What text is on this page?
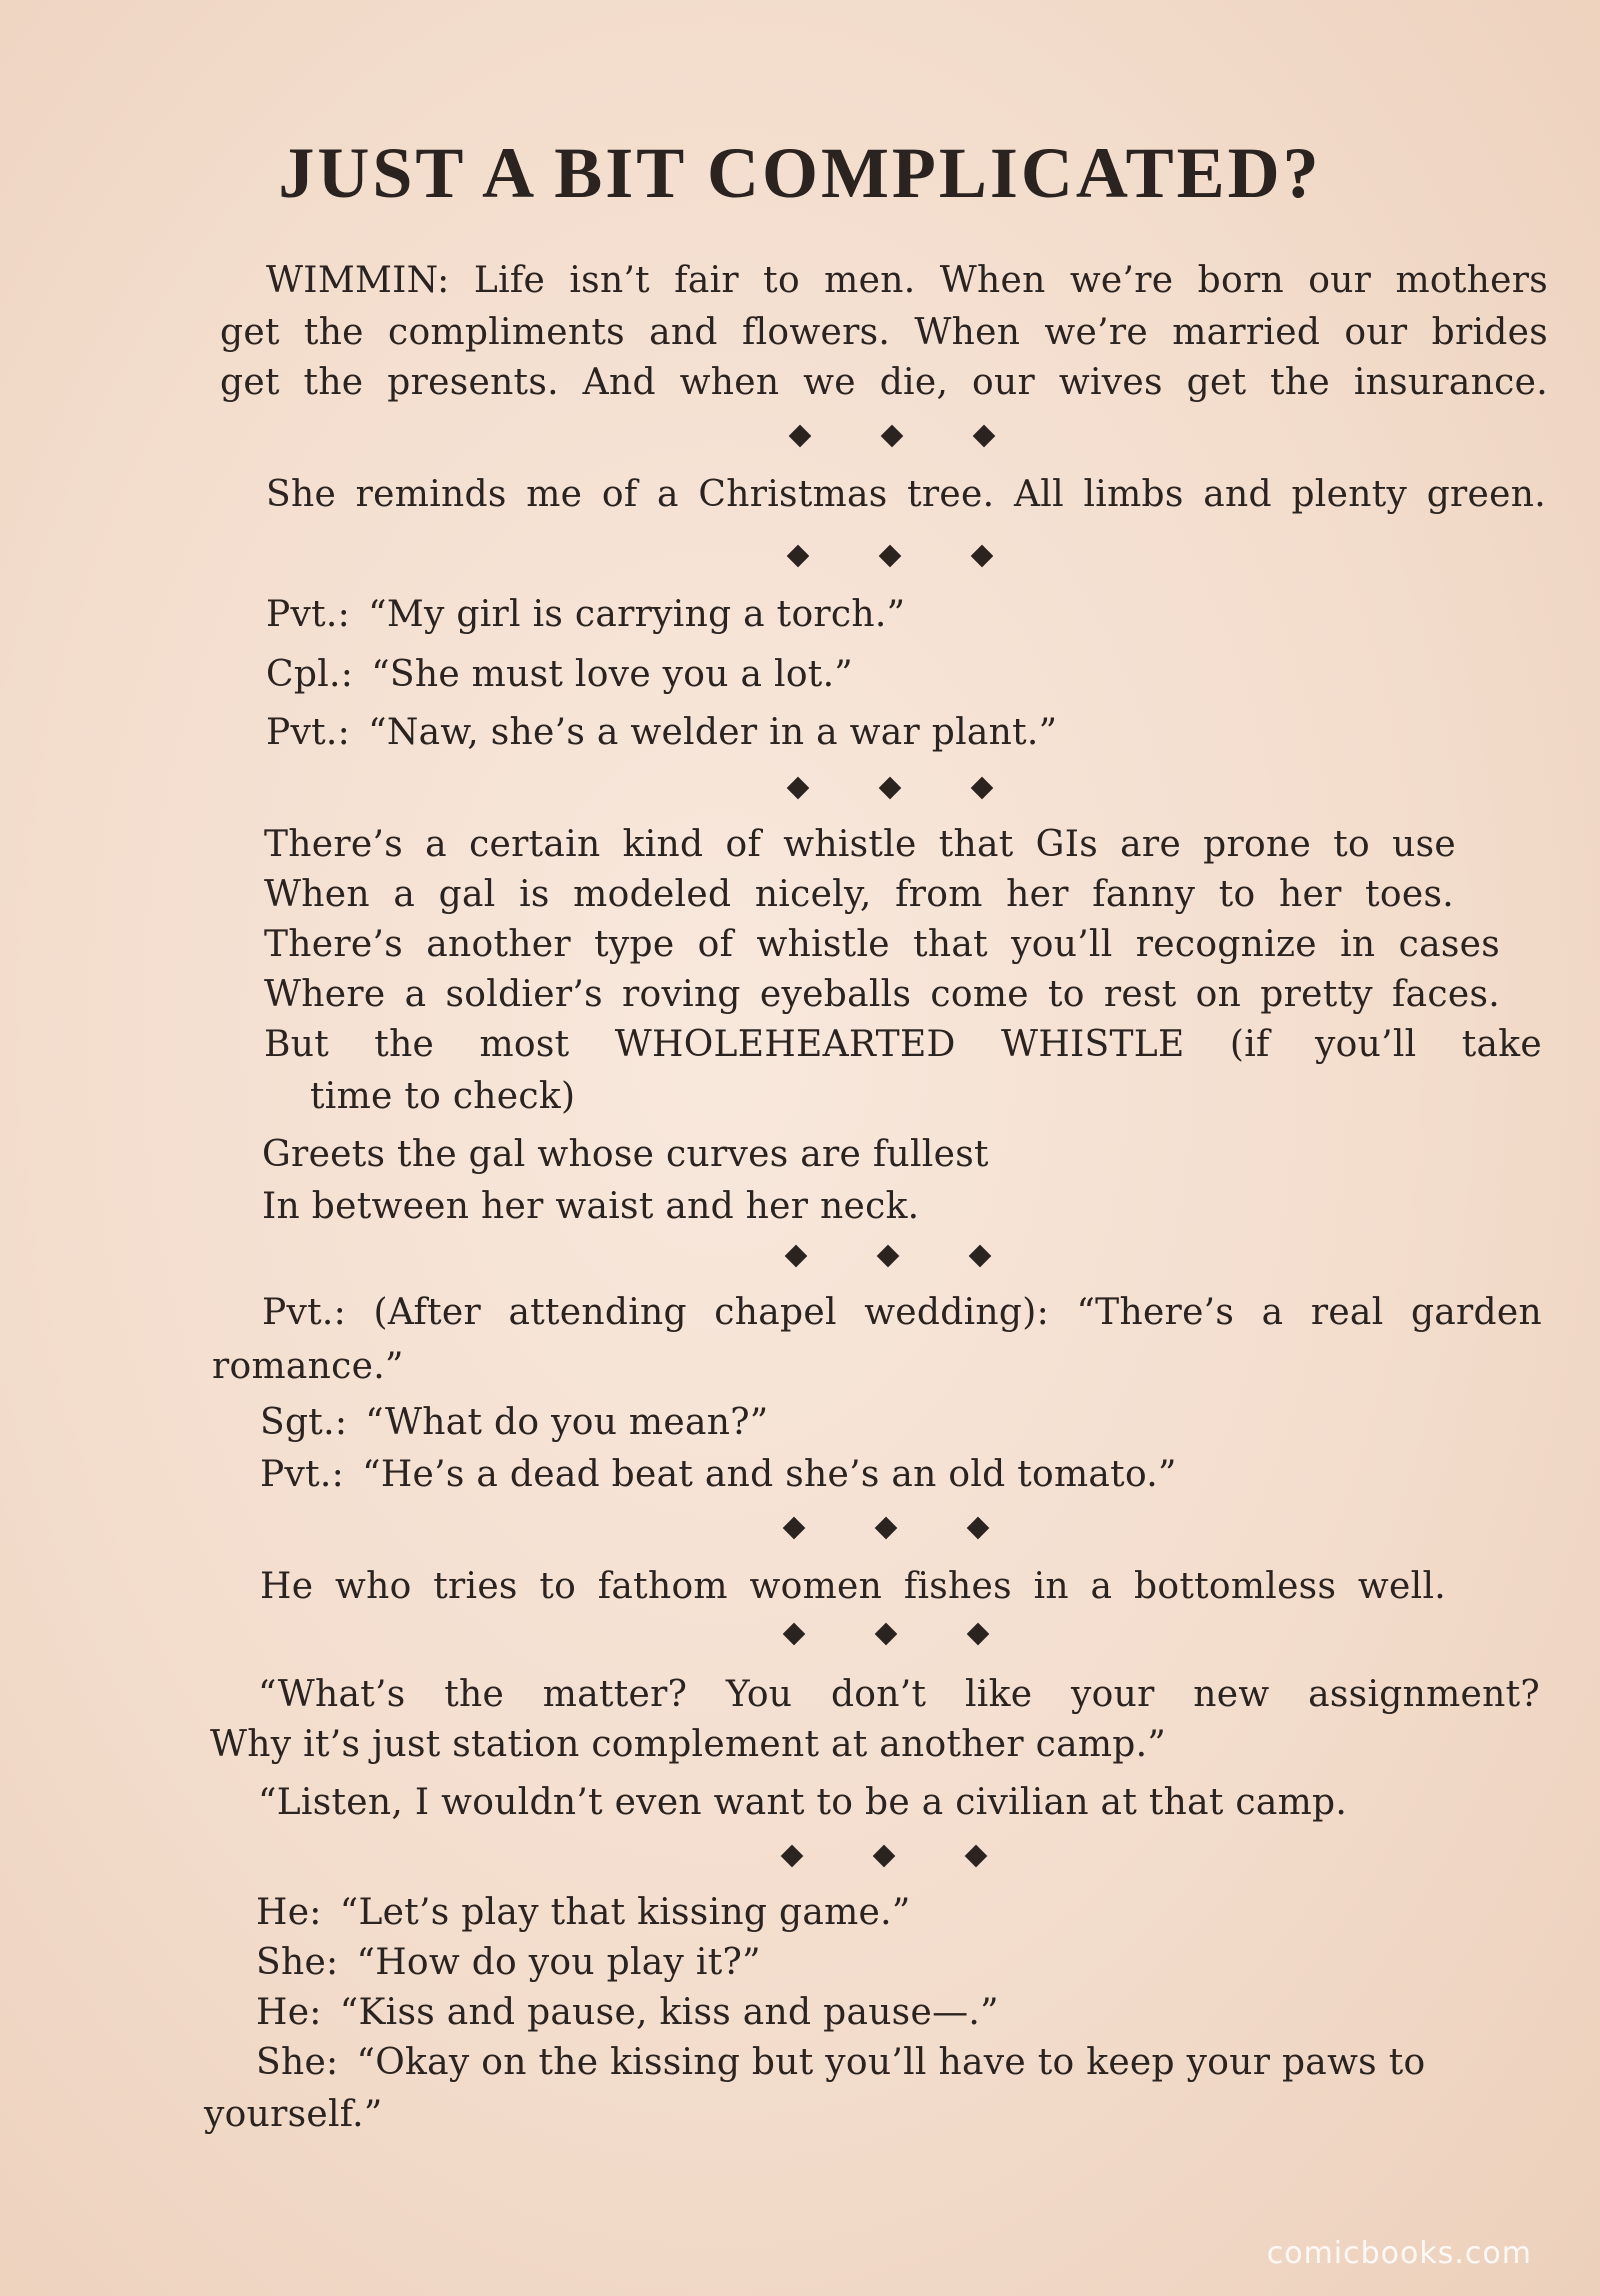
JUST A BIT COMPLICATED?
WIMMIN: Life isn’t fair to men. When we’re born our mothers
get the compliments and flowers. When we’re married our brides
get the presents. And when we die, our wives get the insurance.
She reminds me of a Christmas tree. All limbs and plenty green.
Pvt.: “My girl is carrying a torch.”
Cpl.: “She must love you a lot.”
Pvt.: “Naw, she’s a welder in a war plant.”
There’s a certain kind of whistle that GIs are prone to use
When a gal is modeled nicely, from her fanny to her toes.
There’s another type of whistle that you’ll recognize in cases
Where a soldier’s roving eyeballs come to rest on pretty faces.
But the most WHOLEHEARTED WHISTLE (if you’ll take
time to check)
Greets the gal whose curves are fullest
In between her waist and her neck.
Pvt.: (After attending chapel wedding): “There’s a real garden
romance.”
Sgt.: “What do you mean?”
Pvt.: “He’s a dead beat and she’s an old tomato.”
He who tries to fathom women fishes in a bottomless well.
“What’s the matter? You don’t like your new assignment?
Why it’s just station complement at another camp.”
“Listen, I wouldn’t even want to be a civilian at that camp.
He: “Let’s play that kissing game.”
She: “How do you play it?”
He: “Kiss and pause, kiss and pause—.”
She: “Okay on the kissing but you’ll have to keep your paws to
yourself.”
comicbooks.com
